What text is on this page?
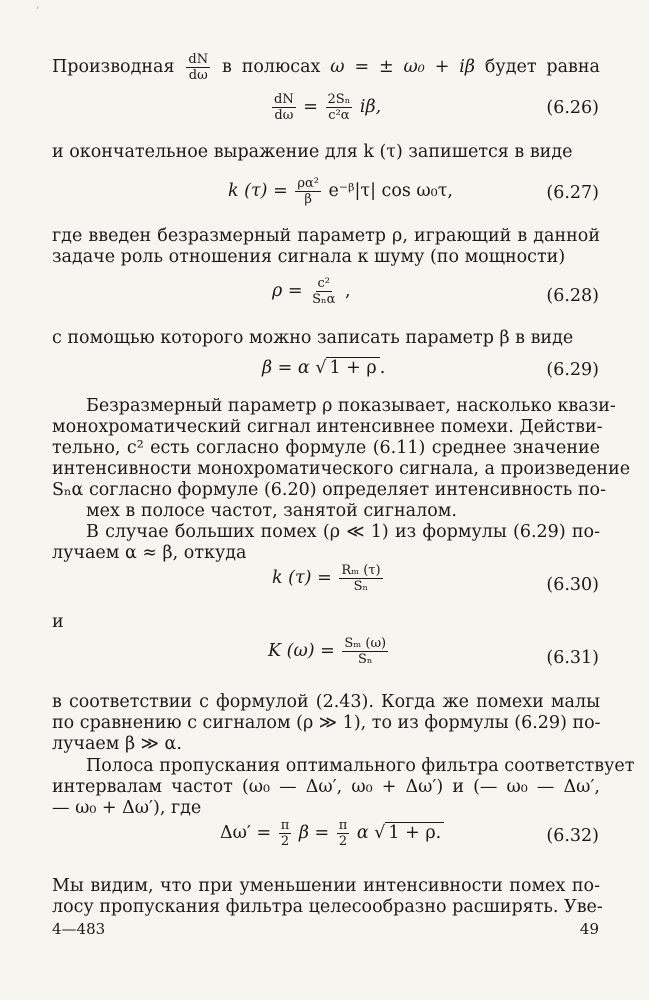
’
Производная $\frac{dN}{d\omega}$ в полюсах ω = ± ω₀ + iβ будет равна
$\frac{dN}{d\omega} = \frac{\text{2Sₙ}}{\text{c²α}} i\beta$,	(6.26)
и окончательное выражение для k (τ) запишется в виде
k $(\tau) = \frac{\text{ρα²}}{\beta}$ e⁻ᵝ|τ| cos ω₀τ,	(6.27)
где введен безразмерный параметр ρ, играющий в данной
задаче роль отношения сигнала к шуму (по мощности)
$\rho = \frac{\text{c²}}{\text{Sₙα}}$ ,	(6.28)
с помощью которого можно записать параметр β в виде
β = α √ 1 + ρ .	(6.29)
Безразмерный параметр ρ показывает, насколько квази-
монохроматический сигнал интенсивнее помехи. Действи-
тельно, c² есть согласно формуле (6.11) среднее значение
интенсивности монохроматического сигнала, а произведение
Sₙα согласно формуле (6.20) определяет интенсивность по-
мех в полосе частот, занятой сигналом.
В случае больших помех (ρ ≪ 1) из формулы (6.29) по-
лучаем α ≈ β, откуда
k $(\tau) = \frac{\text{Rₘ (τ)}}{\text{Sₙ}}$	(6.30)
и
K $(\omega) = \frac{\text{Sₘ (ω)}}{\text{Sₙ}}$	(6.31)
в соответствии с формулой (2.43). Когда же помехи малы
по сравнению с сигналом (ρ ≫ 1), то из формулы (6.29) по-
лучаем β ≫ α.
Полоса пропускания оптимального фильтра соответствует
интервалам частот (ω₀ — Δω′, ω₀ + Δω′) и (— ω₀ — Δω′,
— ω₀ + Δω′), где
$\Delta\omega' = \frac{\pi}{2}$ $\beta = \frac{\pi}{2}$ α √ 1 + ρ.	(6.32)
Мы видим, что при уменьшении интенсивности помех по-
лосу пропускания фильтра целесообразно расширять. Уве-
4—483	49
